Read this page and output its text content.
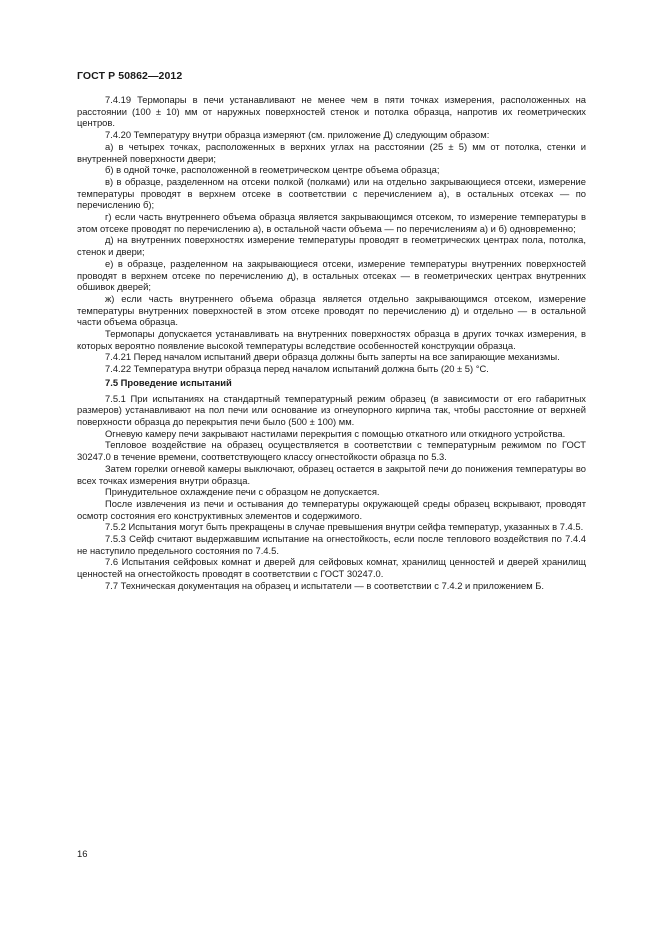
ГОСТ Р 50862—2012

7.4.19 Термопары в печи устанавливают не менее чем в пяти точках измерения, расположенных на расстоянии (100 ± 10) мм от наружных поверхностей стенок и потолка образца, напротив их геометрических центров.

7.4.20 Температуру внутри образца измеряют (см. приложение Д) следующим образом:

а) в четырех точках, расположенных в верхних углах на расстоянии (25 ± 5) мм от потолка, стенки и внутренней поверхности двери;

б) в одной точке, расположенной в геометрическом центре объема образца;

в) в образце, разделенном на отсеки полкой (полками) или на отдельно закрывающиеся отсеки, измерение температуры проводят в верхнем отсеке в соответствии с перечислением а), в остальных отсеках — по перечислению б);

г) если часть внутреннего объема образца является закрывающимся отсеком, то измерение температуры в этом отсеке проводят по перечислению а), в остальной части объема — по перечислениям а) и б) одновременно;

д) на внутренних поверхностях измерение температуры проводят в геометрических центрах пола, потолка, стенок и двери;

е) в образце, разделенном на закрывающиеся отсеки, измерение температуры внутренних поверхностей проводят в верхнем отсеке по перечислению д), в остальных отсеках — в геометрических центрах внутренних обшивок дверей;

ж) если часть внутреннего объема образца является отдельно закрывающимся отсеком, измерение температуры внутренних поверхностей в этом отсеке проводят по перечислению д) и отдельно — в остальной части объема образца.

Термопары допускается устанавливать на внутренних поверхностях образца в других точках измерения, в которых вероятно появление высокой температуры вследствие особенностей конструкции образца.

7.4.21 Перед началом испытаний двери образца должны быть заперты на все запирающие механизмы.

7.4.22 Температура внутри образца перед началом испытаний должна быть (20 ± 5) °С.

7.5 Проведение испытаний

7.5.1 При испытаниях на стандартный температурный режим образец (в зависимости от его габаритных размеров) устанавливают на пол печи или основание из огнеупорного кирпича так, чтобы расстояние от верхней поверхности образца до перекрытия печи было (500 ± 100) мм.

Огневую камеру печи закрывают настилами перекрытия с помощью откатного или откидного устройства.

Тепловое воздействие на образец осуществляется в соответствии с температурным режимом по ГОСТ 30247.0 в течение времени, соответствующего классу огнестойкости образца по 5.3.

Затем горелки огневой камеры выключают, образец остается в закрытой печи до понижения температуры во всех точках измерения внутри образца.

Принудительное охлаждение печи с образцом не допускается.

После извлечения из печи и остывания до температуры окружающей среды образец вскрывают, проводят осмотр состояния его конструктивных элементов и содержимого.

7.5.2 Испытания могут быть прекращены в случае превышения внутри сейфа температур, указанных в 7.4.5.

7.5.3 Сейф считают выдержавшим испытание на огнестойкость, если после теплового воздействия по 7.4.4 не наступило предельного состояния по 7.4.5.

7.6 Испытания сейфовых комнат и дверей для сейфовых комнат, хранилищ ценностей и дверей хранилищ ценностей на огнестойкость проводят в соответствии с ГОСТ 30247.0.

7.7 Техническая документация на образец и испытатели — в соответствии с 7.4.2 и приложением Б.

16
